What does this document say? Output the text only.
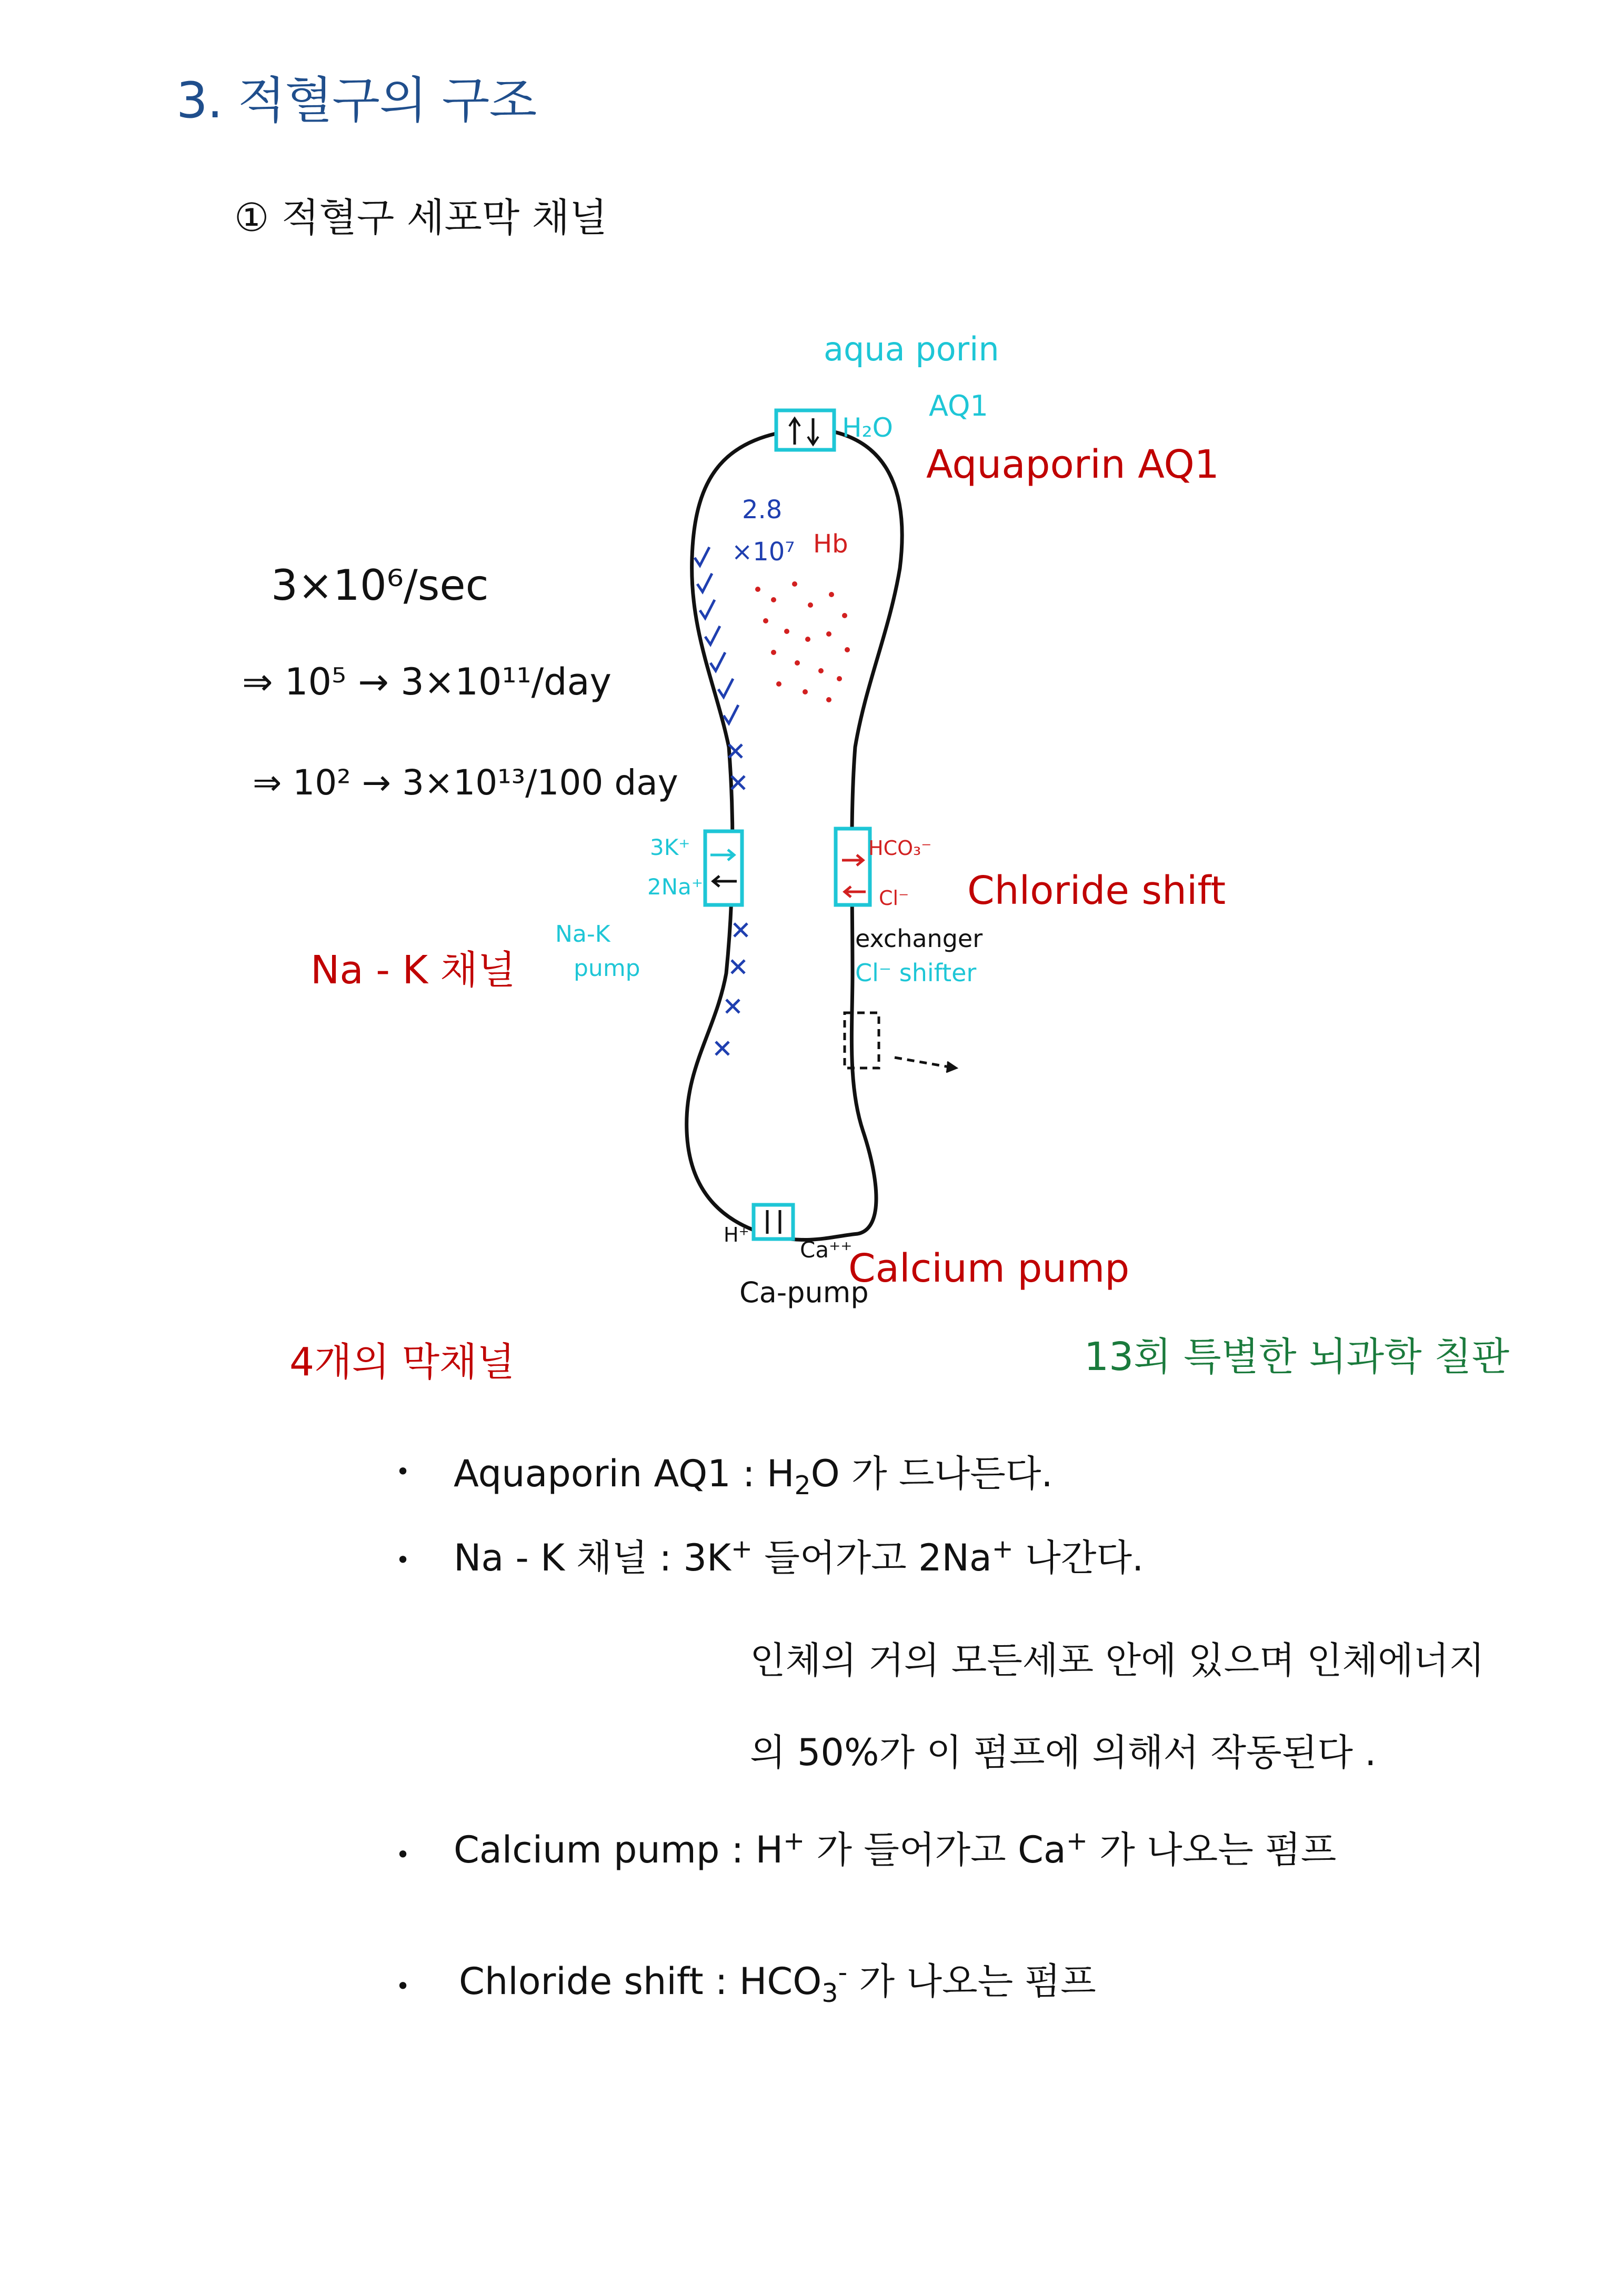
3. 적혈구의 구조
① 적혈구 세포막 채널
aqua porin
AQ1
H₂O
2.8
×10⁷ Hb
3K⁺
2Na⁺
Na-K
pump
HCO₃⁻
Cl⁻
exchanger
Cl⁻ shifter
H⁺
Ca⁺⁺
Ca-pump
3×10⁶/sec
⇒ 10⁵ → 3×10¹¹/day
⇒ 10² → 3×10¹³/100 day
Aquaporin AQ1
Chloride shift
Na - K 채널
Calcium pump
4개의 막채널	13회 특별한 뇌과학 칠판
• Aquaporin AQ1 : $H_2O$ 가 드나든다.
• Na - K 채널 : 3K+ 들어가고 2Na+ 나간다.
인체의 거의 모든세포 안에 있으며 인체에너지
의 50%가 이 펌프에 의해서 작동된다 .
• Calcium pump : H+ 가 들어가고 Ca+ 가 나오는 펌프
• Chloride shift : $HCO_3^-$ 가 나오는 펌프
